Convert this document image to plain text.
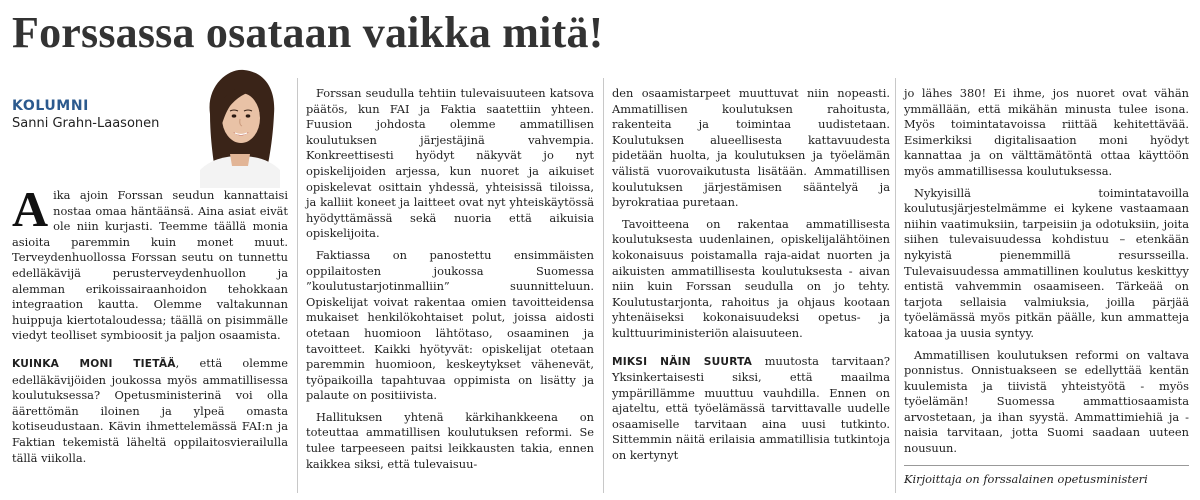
Forssassa osataan vaikka mitä!
KOLUMNI
Sanni Grahn-Laasonen

Aika ajoin Forssan seudun kannattaisi nostaa omaa häntäänsä. Aina asiat eivät ole niin kurjasti. Teemme täällä monia asioita paremmin kuin monet muut. Terveydenhuollossa Forssan seutu on tunnettu edelläkävijä perusterveydenhuollon ja alemman erikoissairaanhoidon tehokkaan integraation kautta. Olemme valtakunnan huippuja kiertotaloudessa; täällä on pisimmälle viedyt teolliset symbioosit ja paljon osaamista.

KUINKA MONI TIETÄÄ, että olemme edelläkävijöiden joukossa myös ammatillisessa koulutuksessa? Opetusministerinä voi olla äärettömän iloinen ja ylpeä omasta kotiseudustaan. Kävin ihmettelemässä FAI:n ja Faktian tekemistä läheltä oppilaitosvierailulla tällä viikolla.

Forssan seudulla tehtiin tulevaisuuteen katsova päätös, kun FAI ja Faktia saatettiin yhteen. Fuusion johdosta olemme ammatillisen koulutuksen järjestäjinä vahvempia. Konkreettisesti hyödyt näkyvät jo nyt opiskelijoiden arjessa, kun nuoret ja aikuiset opiskelevat osittain yhdessä, yhteisissä tiloissa, ja kalliit koneet ja laitteet ovat nyt yhteiskäytössä hyödyttämässä sekä nuoria että aikuisia opiskelijoita.

Faktiassa on panostettu ensimmäisten oppilaitosten joukossa Suomessa ”koulutustarjotinmalliin” suunnitteluun. Opiskelijat voivat rakentaa omien tavoitteidensa mukaiset henkilökohtaiset polut, joissa aidosti otetaan huomioon lähtötaso, osaaminen ja tavoitteet. Kaikki hyötyvät: opiskelijat otetaan paremmin huomioon, keskeytykset vähenevät, työpaikoilla tapahtuvaa oppimista on lisätty ja palaute on positiivista.

Hallituksen yhtenä kärkihankkeena on toteuttaa ammatillisen koulutuksen reformi. Se tulee tarpeeseen paitsi leikkausten takia, ennen kaikkea siksi, että tulevaisuu-

den osaamistarpeet muuttuvat niin nopeasti. Ammatillisen koulutuksen rahoitusta, rakenteita ja toimintaa uudistetaan. Koulutuksen alueellisesta kattavuudesta pidetään huolta, ja koulutuksen ja työelämän välistä vuorovaikutusta lisätään. Ammatillisen koulutuksen järjestämisen sääntelyä ja byrokratiaa puretaan.

Tavoitteena on rakentaa ammatillisesta koulutuksesta uudenlainen, opiskelijalähtöinen kokonaisuus poistamalla raja-aidat nuorten ja aikuisten ammatillisesta koulutuksesta - aivan niin kuin Forssan seudulla on jo tehty. Koulutustarjonta, rahoitus ja ohjaus kootaan yhtenäiseksi kokonaisuudeksi opetus- ja kulttuuriministeriön alaisuuteen.

MIKSI NÄIN SUURTA muutosta tarvitaan? Yksinkertaisesti siksi, että maailma ympärillämme muuttuu vauhdilla. Ennen on ajateltu, että työelämässä tarvittavalle uudelle osaamiselle tarvitaan aina uusi tutkinto. Sittemmin näitä erilaisia ammatillisia tutkintoja on kertynyt

jo lähes 380! Ei ihme, jos nuoret ovat vähän ymmällään, että mikähän minusta tulee isona. Myös toimintatavoissa riittää kehitettävää. Esimerkiksi digitalisaation moni hyödyt kannattaa ja on välttämätöntä ottaa käyttöön myös ammatillisessa koulutuksessa.

Nykyisillä toimintatavoilla koulutusjärjestelmämme ei kykene vastaamaan niihin vaatimuksiin, tarpeisiin ja odotuksiin, joita siihen tulevaisuudessa kohdistuu – etenkään nykyistä pienemmillä resursseilla. Tulevaisuudessa ammatillinen koulutus keskittyy entistä vahvemmin osaamiseen. Tärkeää on tarjota sellaisia valmiuksia, joilla pärjää työelämässä myös pitkän päälle, kun ammatteja katoaa ja uusia syntyy.

Ammatillisen koulutuksen reformi on valtava ponnistus. Onnistuakseen se edellyttää kentän kuulemista ja tiivistä yhteistyötä - myös työelämän! Suomessa ammattiosaamista arvostetaan, ja ihan syystä. Ammattimiehiä ja -naisia tarvitaan, jotta Suomi saadaan uuteen nousuun.

Kirjoittaja on forssalainen opetusministeri
